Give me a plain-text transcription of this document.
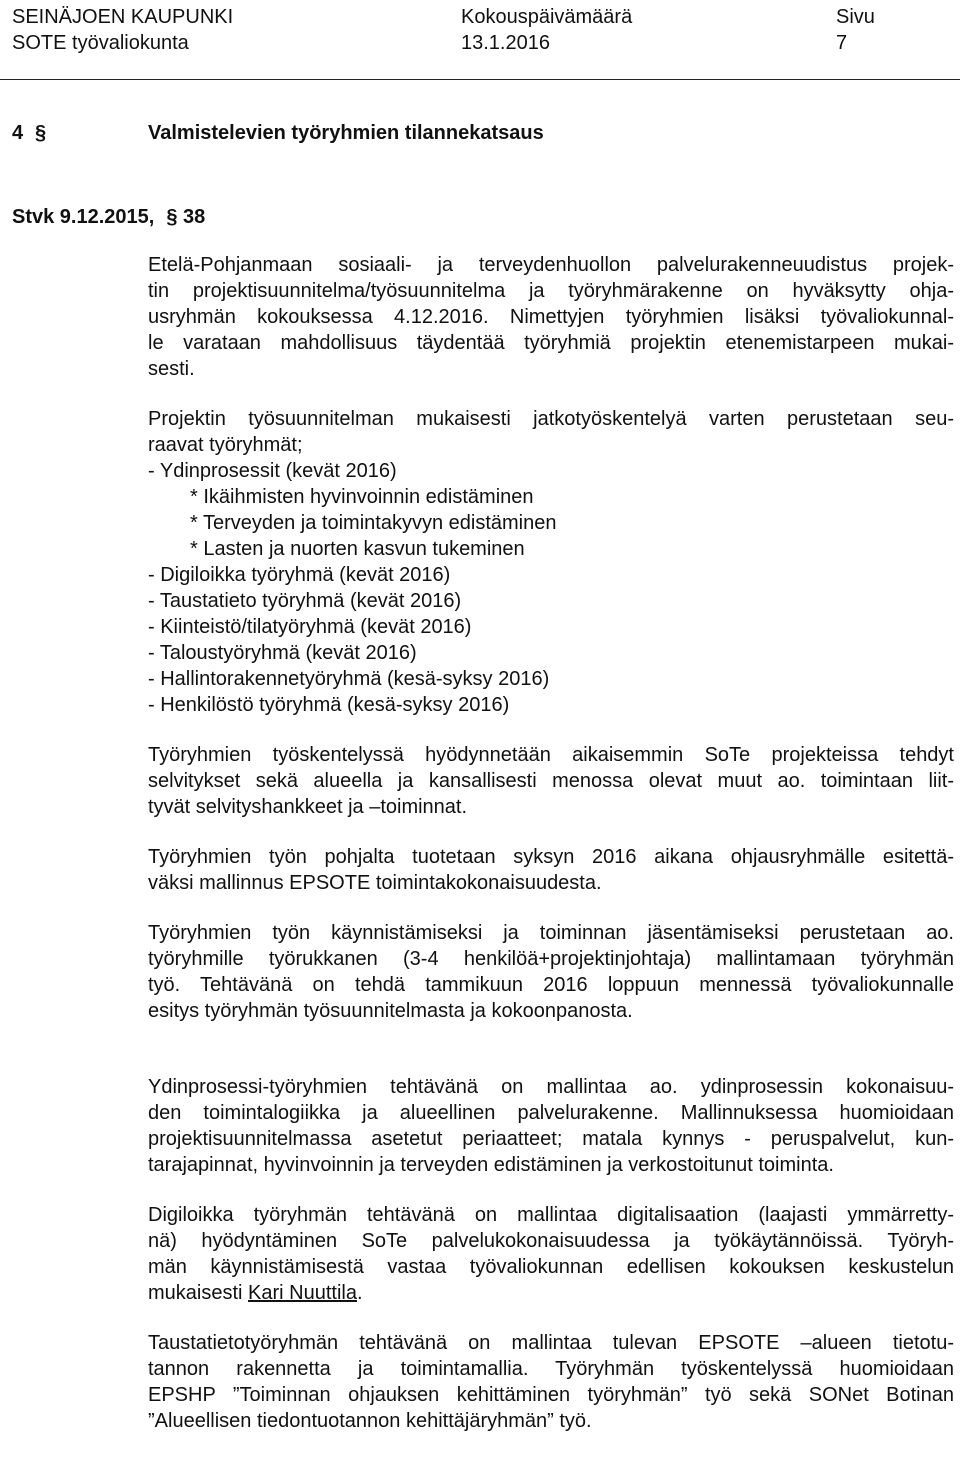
SEINÄJOEN KAUPUNKI
SOTE työvaliokunta
Kokouspäivämäärä
13.1.2016
Sivu
7
4 §	Valmistelevien työryhmien tilannekatsaus
Stvk 9.12.2015, § 38
Etelä-Pohjanmaan sosiaali- ja terveydenhuollon palvelurakenneuudistus projek-
tin projektisuunnitelma/työsuunnitelma ja työryhmärakenne on hyväksytty ohja-
usryhmän kokouksessa 4.12.2016. Nimettyjen työryhmien lisäksi työvaliokunnal-
le varataan mahdollisuus täydentää työryhmiä projektin etenemistarpeen mukai-
sesti.
Projektin työsuunnitelman mukaisesti jatkotyöskentelyä varten perustetaan seu-
raavat työryhmät;
- Ydinprosessit (kevät 2016)
* Ikäihmisten hyvinvoinnin edistäminen
* Terveyden ja toimintakyvyn edistäminen
* Lasten ja nuorten kasvun tukeminen
- Digiloikka työryhmä (kevät 2016)
- Taustatieto työryhmä (kevät 2016)
- Kiinteistö/tilatyöryhmä (kevät 2016)
- Taloustyöryhmä (kevät 2016)
- Hallintorakennetyöryhmä (kesä-syksy 2016)
- Henkilöstö työryhmä (kesä-syksy 2016)
Työryhmien työskentelyssä hyödynnetään aikaisemmin SoTe projekteissa tehdyt
selvitykset sekä alueella ja kansallisesti menossa olevat muut ao. toimintaan liit-
tyvät selvityshankkeet ja –toiminnat.
Työryhmien työn pohjalta tuotetaan syksyn 2016 aikana ohjausryhmälle esitettä-
väksi mallinnus EPSOTE toimintakokonaisuudesta.
Työryhmien työn käynnistämiseksi ja toiminnan jäsentämiseksi perustetaan ao.
työryhmille työrukkanen (3-4 henkilöä+projektinjohtaja) mallintamaan työryhmän
työ. Tehtävänä on tehdä tammikuun 2016 loppuun mennessä työvaliokunnalle
esitys työryhmän työsuunnitelmasta ja kokoonpanosta.
Ydinprosessi-työryhmien tehtävänä on mallintaa ao. ydinprosessin kokonaisuu-
den toimintalogiikka ja alueellinen palvelurakenne. Mallinnuksessa huomioidaan
projektisuunnitelmassa asetetut periaatteet; matala kynnys - peruspalvelut, kun-
tarajapinnat, hyvinvoinnin ja terveyden edistäminen ja verkostoitunut toiminta.
Digiloikka työryhmän tehtävänä on mallintaa digitalisaation (laajasti ymmärretty-
nä) hyödyntäminen SoTe palvelukokonaisuudessa ja työkäytännöissä. Työryh-
män käynnistämisestä vastaa työvaliokunnan edellisen kokouksen keskustelun
mukaisesti Kari Nuuttila.
Taustatietotyöryhmän tehtävänä on mallintaa tulevan EPSOTE –alueen tietotu-
tannon rakennetta ja toimintamallia. Työryhmän työskentelyssä huomioidaan
EPSHP ”Toiminnan ohjauksen kehittäminen työryhmän” työ sekä SONet Botinan
”Alueellisen tiedontuotannon kehittäjäryhmän” työ.
